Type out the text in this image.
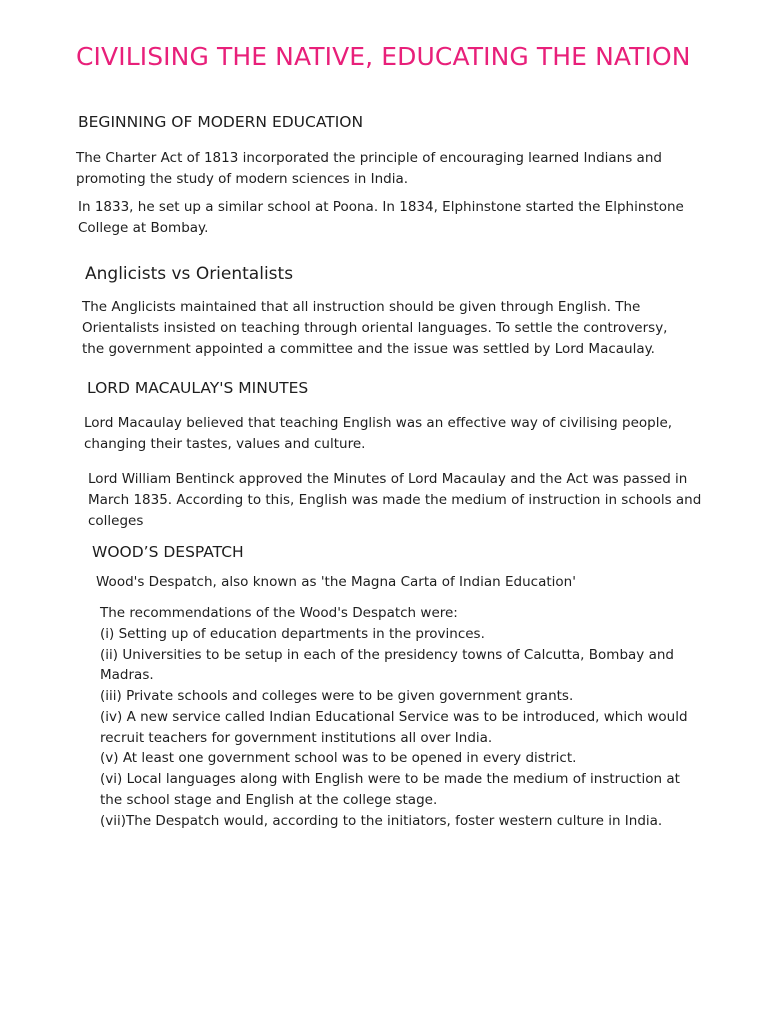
CIVILISING THE NATIVE, EDUCATING THE NATION
BEGINNING OF MODERN EDUCATION
The Charter Act of 1813 incorporated the principle of encouraging learned Indians and
promoting the study of modern sciences in India.
In 1833, he set up a similar school at Poona. In 1834, Elphinstone started the Elphinstone
College at Bombay.
Anglicists vs Orientalists
The Anglicists maintained that all instruction should be given through English. The
Orientalists insisted on teaching through oriental languages. To settle the controversy,
the government appointed a committee and the issue was settled by Lord Macaulay.
LORD MACAULAY'S MINUTES
Lord Macaulay believed that teaching English was an effective way of civilising people,
changing their tastes, values and culture.
Lord William Bentinck approved the Minutes of Lord Macaulay and the Act was passed in
March 1835. According to this, English was made the medium of instruction in schools and
colleges
WOOD’S DESPATCH
Wood's Despatch, also known as 'the Magna Carta of Indian Education'
The recommendations of the Wood's Despatch were:
(i) Setting up of education departments in the provinces.
(ii) Universities to be setup in each of the presidency towns of Calcutta, Bombay and
Madras.
(iii) Private schools and colleges were to be given government grants.
(iv) A new service called Indian Educational Service was to be introduced, which would
recruit teachers for government institutions all over India.
(v) At least one government school was to be opened in every district.
(vi) Local languages along with English were to be made the medium of instruction at
the school stage and English at the college stage.
(vii)The Despatch would, according to the initiators, foster western culture in India.
